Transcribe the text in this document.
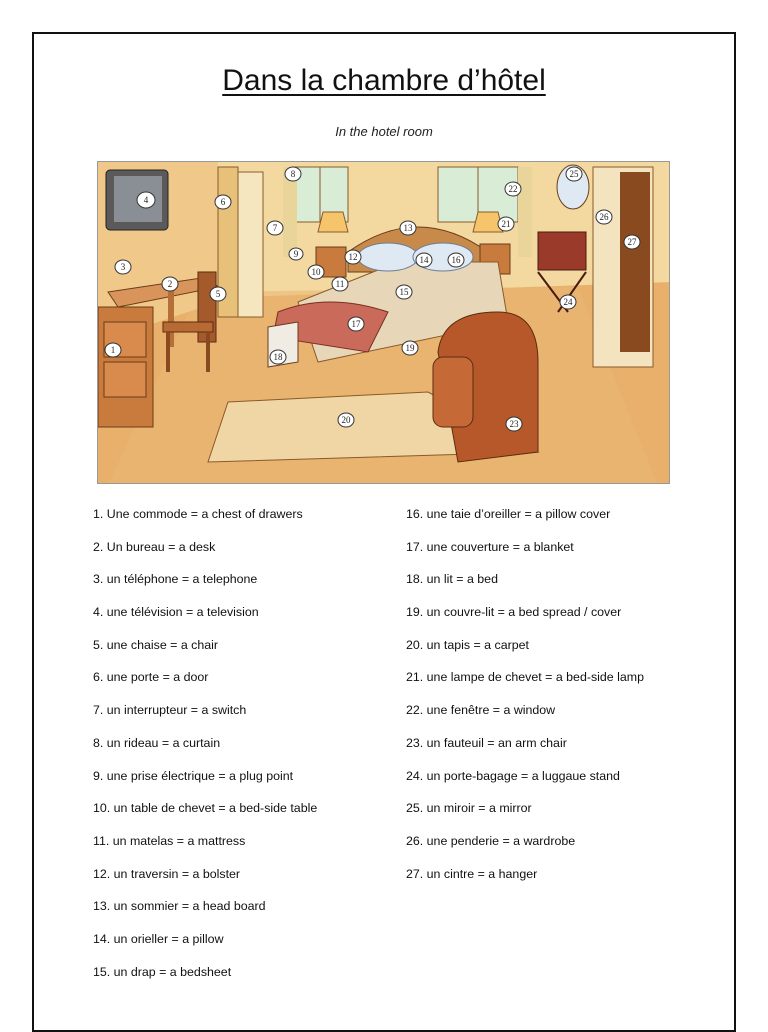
Dans la chambre d’hôtel
In the hotel room
4	6
1
2
3
5
7
8
9
10
11
12
13
14
15
16
17
18
19
20
21
22
23
24
25
26
27
1. Une commode = a chest of drawers
2. Un bureau = a desk
3. un téléphone = a telephone
4. une télévision = a television
5. une chaise = a chair
6. une porte = a door
7. un interrupteur = a switch
8. un rideau = a curtain
9. une prise électrique = a plug point
10. un table de chevet = a bed-side table
11. un matelas = a mattress
12. un traversin = a bolster
13. un sommier = a head board
14. un orieller = a pillow
15. un drap = a bedsheet
16. une taie d’oreiller = a pillow cover
17. une couverture = a blanket
18. un lit = a bed
19. un couvre-lit = a bed spread / cover
20. un tapis = a carpet
21. une lampe de chevet = a bed-side lamp
22. une fenêtre = a window
23. un fauteuil = an arm chair
24. un porte-bagage = a luggaue stand
25. un miroir = a mirror
26. une penderie = a wardrobe
27. un cintre = a hanger
